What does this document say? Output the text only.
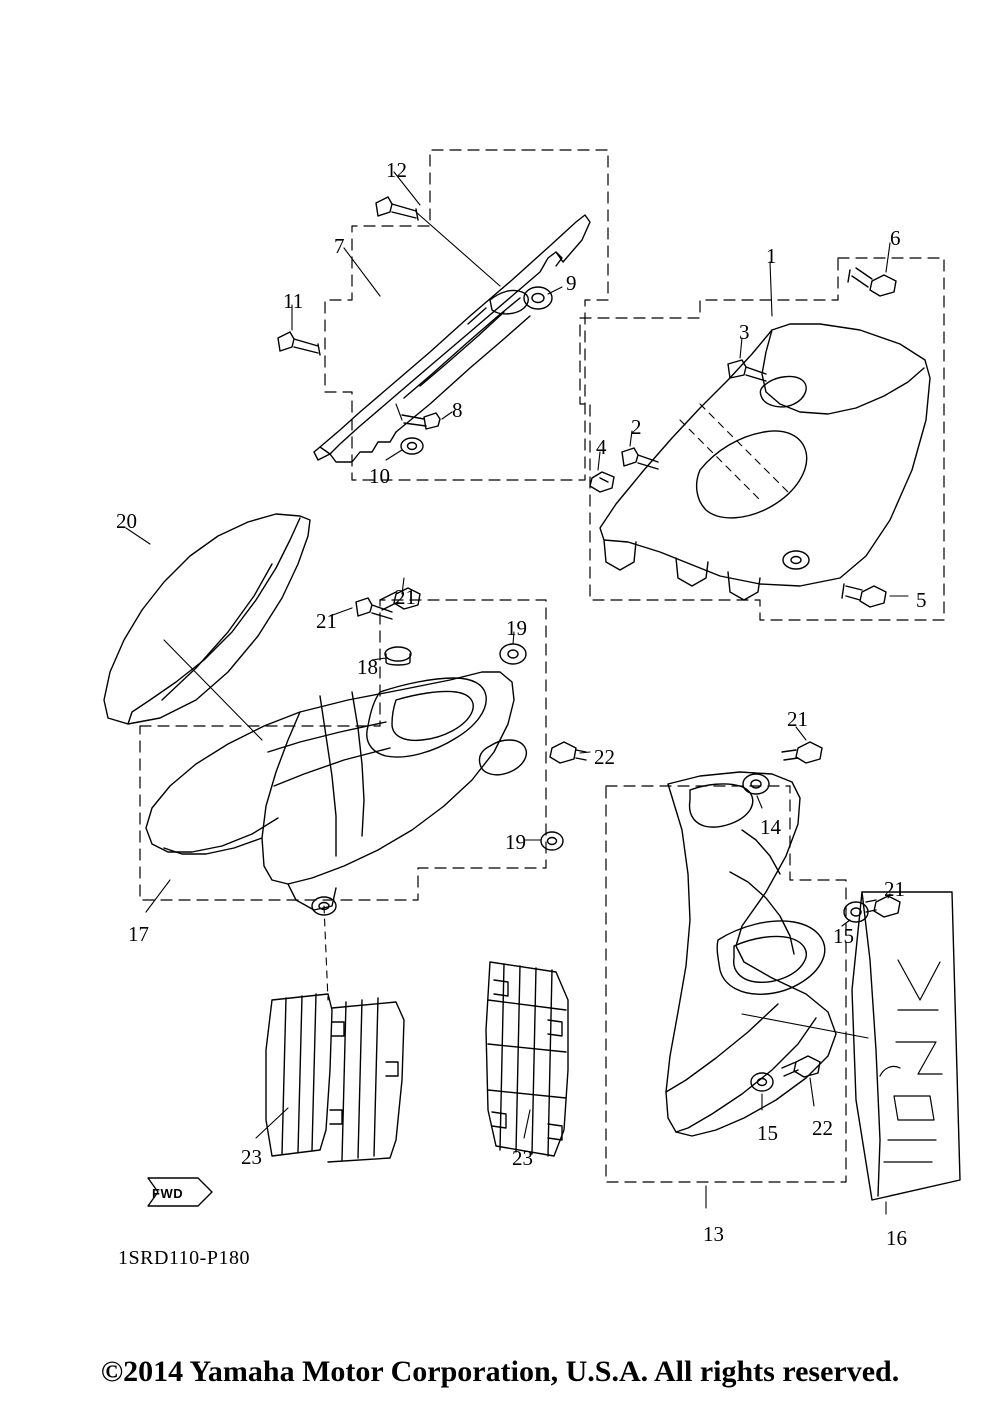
12
7	1
6
9
11
3
2
8
4
10
20
21	5
21	19
18
21
22
14
19
21
17	15
23
15 22
23
13	16
FWD
1SRD110-P180
©2014 Yamaha Motor Corporation, U.S.A. All rights reserved.
